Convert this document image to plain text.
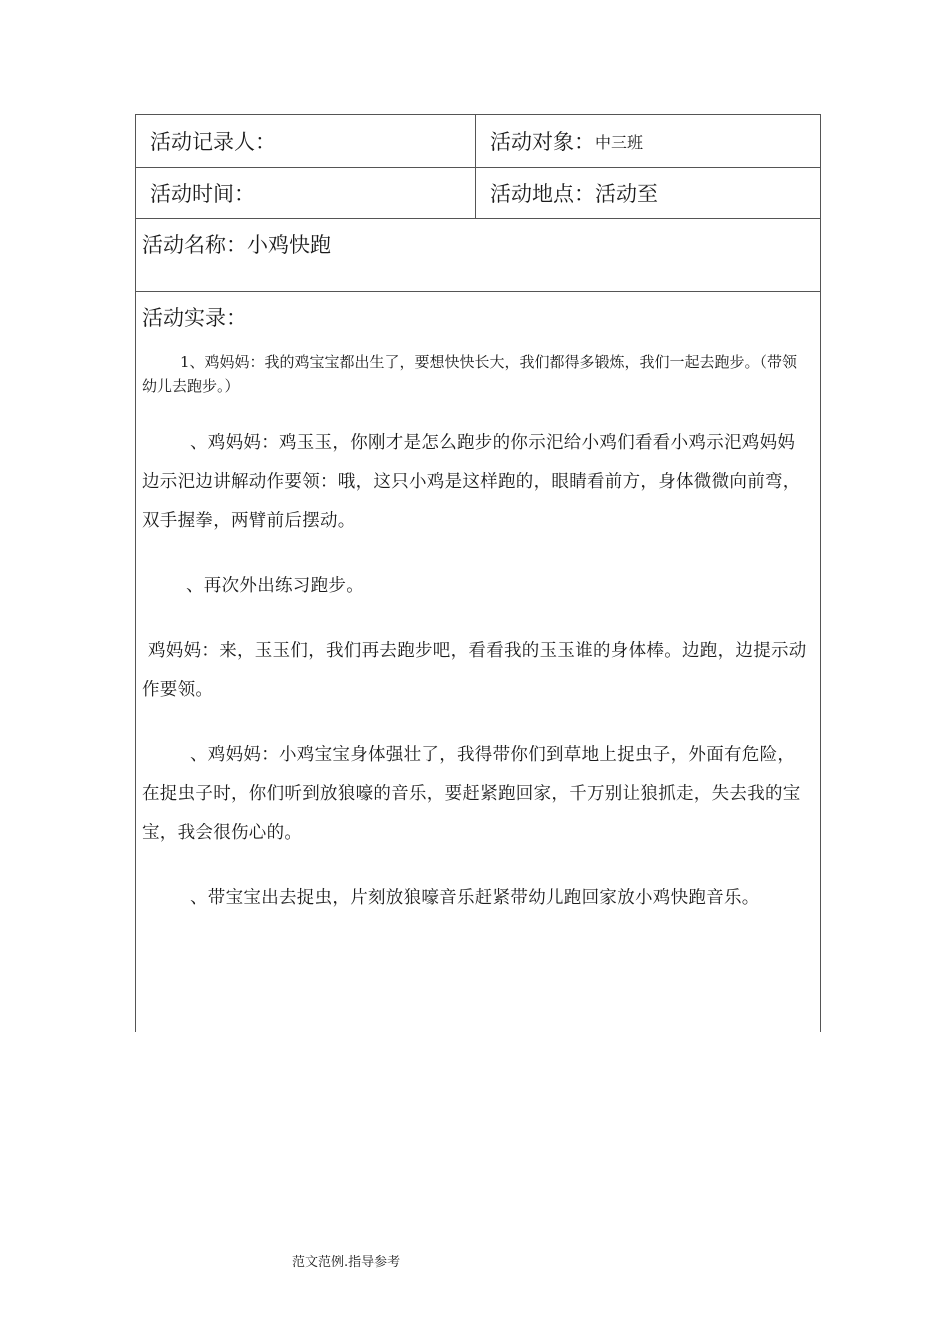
活动记录人：	活动对象： 中三班
活动时间：	活动地点：活动至
活动名称：小鸡快跑
活动实录：

1、鸡妈妈：我的鸡宝宝都出生了，要想快快长大，我们都得多锻炼，我们一起去跑步。（带领幼儿去跑步。）

、鸡妈妈：鸡玉玉，你刚才是怎么跑步的你示汜给小鸡们看看小鸡示汜鸡妈妈边示汜边讲解动作要领：哦，这只小鸡是这样跑的，眼睛看前方，身体微微向前弯，双手握拳，两臂前后摆动。

、再次外出练习跑步。

鸡妈妈：来，玉玉们，我们再去跑步吧，看看我的玉玉谁的身体棒。边跑，边提示动作要领。

、鸡妈妈：小鸡宝宝身体强壮了，我得带你们到草地上捉虫子，外面有危险，在捉虫子时，你们听到放狼嚎的音乐，要赶紧跑回家，千万别让狼抓走，失去我的宝宝，我会很伤心的。

、带宝宝出去捉虫，片刻放狼嚎音乐赶紧带幼儿跑回家放小鸡快跑音乐。

范文范例.指导参考
